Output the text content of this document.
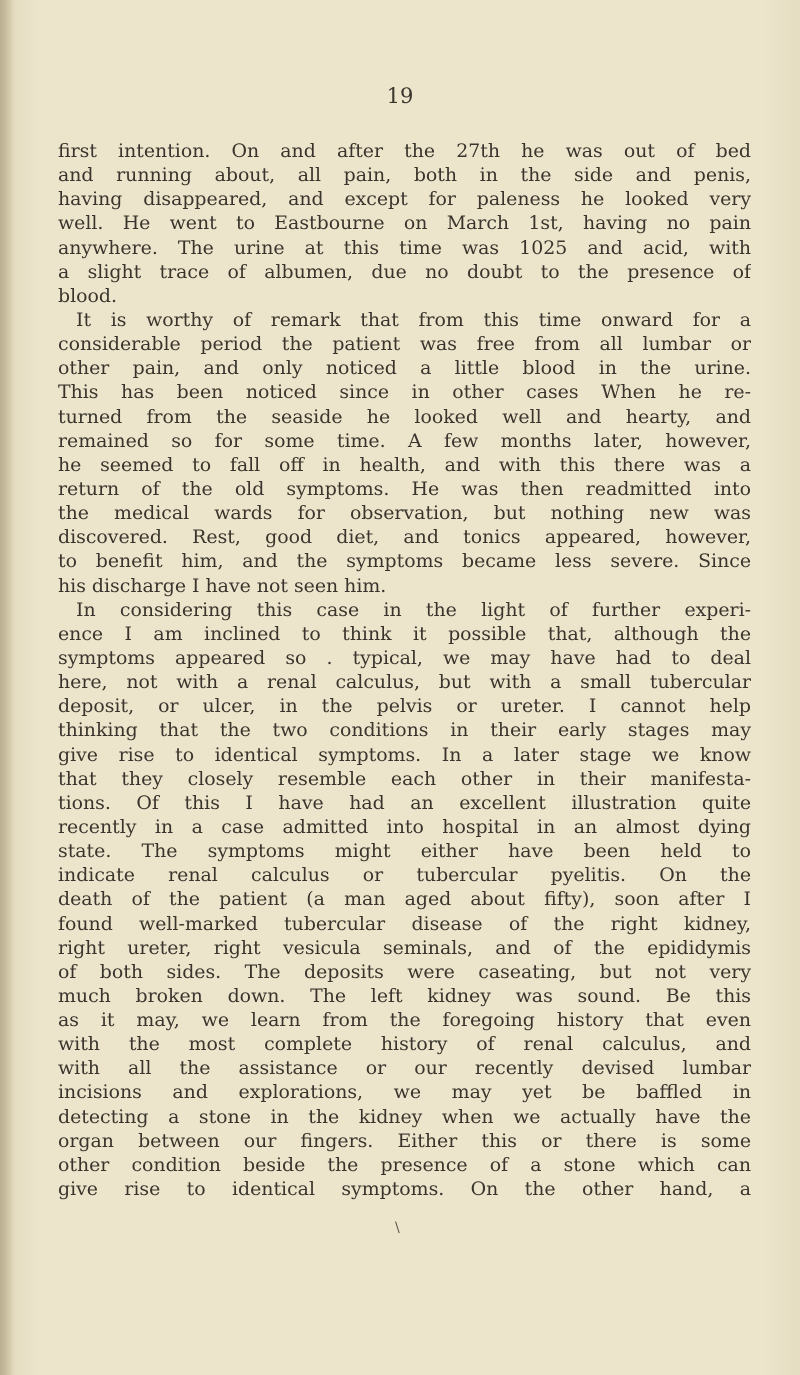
19
first intention. On and after the 27th he was out of bed
and running about, all pain, both in the side and penis,
having disappeared, and except for paleness he looked very
well. He went to Eastbourne on March 1st, having no pain
anywhere. The urine at this time was 1025 and acid, with
a slight trace of albumen, due no doubt to the presence of
blood.
It is worthy of remark that from this time onward for a
considerable period the patient was free from all lumbar or
other pain, and only noticed a little blood in the urine.
This has been noticed since in other cases When he re-
turned from the seaside he looked well and hearty, and
remained so for some time. A few months later, however,
he seemed to fall off in health, and with this there was a
return of the old symptoms. He was then readmitted into
the medical wards for observation, but nothing new was
discovered. Rest, good diet, and tonics appeared, however,
to benefit him, and the symptoms became less severe. Since
his discharge I have not seen him.
In considering this case in the light of further experi-
ence I am inclined to think it possible that, although the
symptoms appeared so . typical, we may have had to deal
here, not with a renal calculus, but with a small tubercular
deposit, or ulcer, in the pelvis or ureter. I cannot help
thinking that the two conditions in their early stages may
give rise to identical symptoms. In a later stage we know
that they closely resemble each other in their manifesta-
tions. Of this I have had an excellent illustration quite
recently in a case admitted into hospital in an almost dying
state. The symptoms might either have been held to
indicate renal calculus or tubercular pyelitis. On the
death of the patient (a man aged about fifty), soon after I
found well-marked tubercular disease of the right kidney,
right ureter, right vesicula seminals, and of the epididymis
of both sides. The deposits were caseating, but not very
much broken down. The left kidney was sound. Be this
as it may, we learn from the foregoing history that even
with the most complete history of renal calculus, and
with all the assistance or our recently devised lumbar
incisions and explorations, we may yet be baffled in
detecting a stone in the kidney when we actually have the
organ between our fingers. Either this or there is some
other condition beside the presence of a stone which can
give rise to identical symptoms. On the other hand, a
\
